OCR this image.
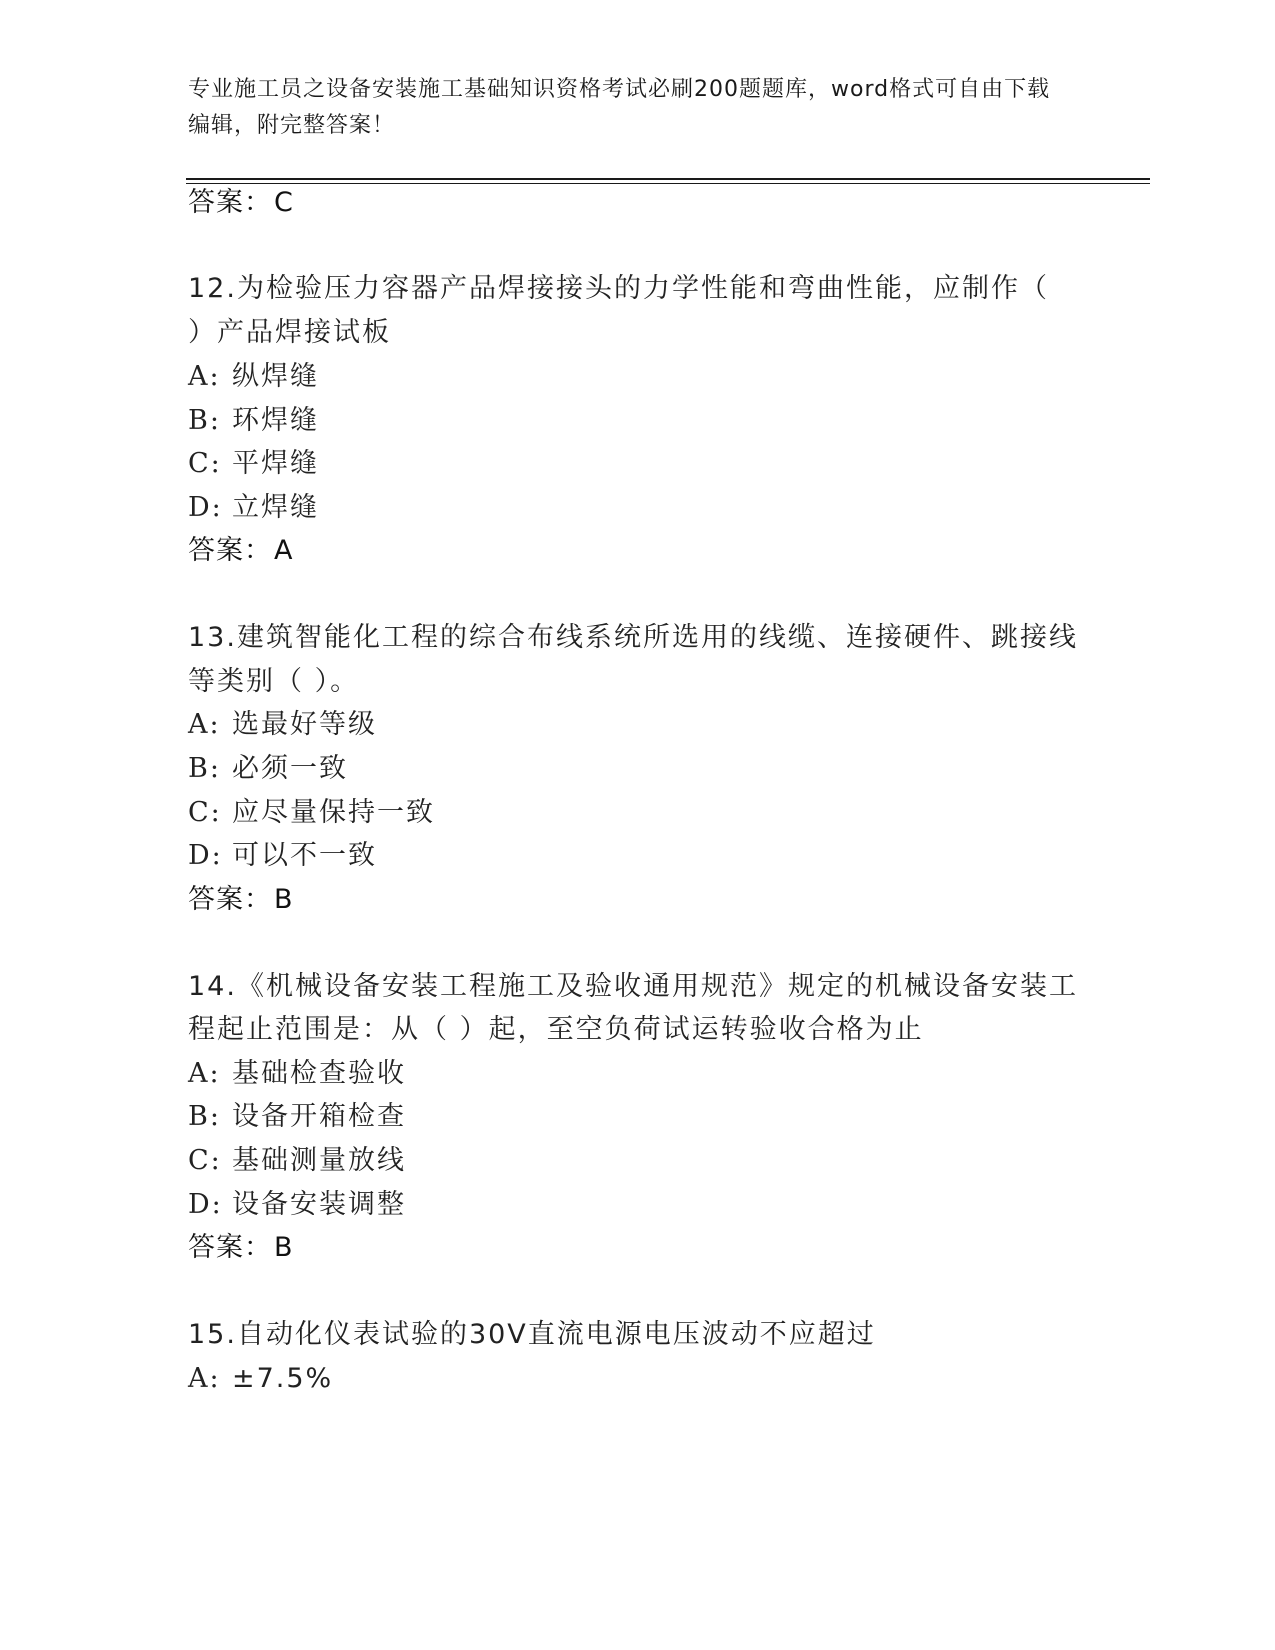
专业施工员之设备安装施工基础知识资格考试必刷200题题库，word格式可自由下载编辑，附完整答案！
答案：C
12.为检验压力容器产品焊接接头的力学性能和弯曲性能，应制作（
）产品焊接试板
A: 纵焊缝
B: 环焊缝
C: 平焊缝
D: 立焊缝
答案：A
13.建筑智能化工程的综合布线系统所选用的线缆、连接硬件、跳接线
等类别（ ）。
A: 选最好等级
B: 必须一致
C: 应尽量保持一致
D: 可以不一致
答案：B
14.《机械设备安装工程施工及验收通用规范》规定的机械设备安装工
程起止范围是：从（ ）起，至空负荷试运转验收合格为止
A: 基础检查验收
B: 设备开箱检查
C: 基础测量放线
D: 设备安装调整
答案：B
15.自动化仪表试验的30V直流电源电压波动不应超过
A: ±7.5%
